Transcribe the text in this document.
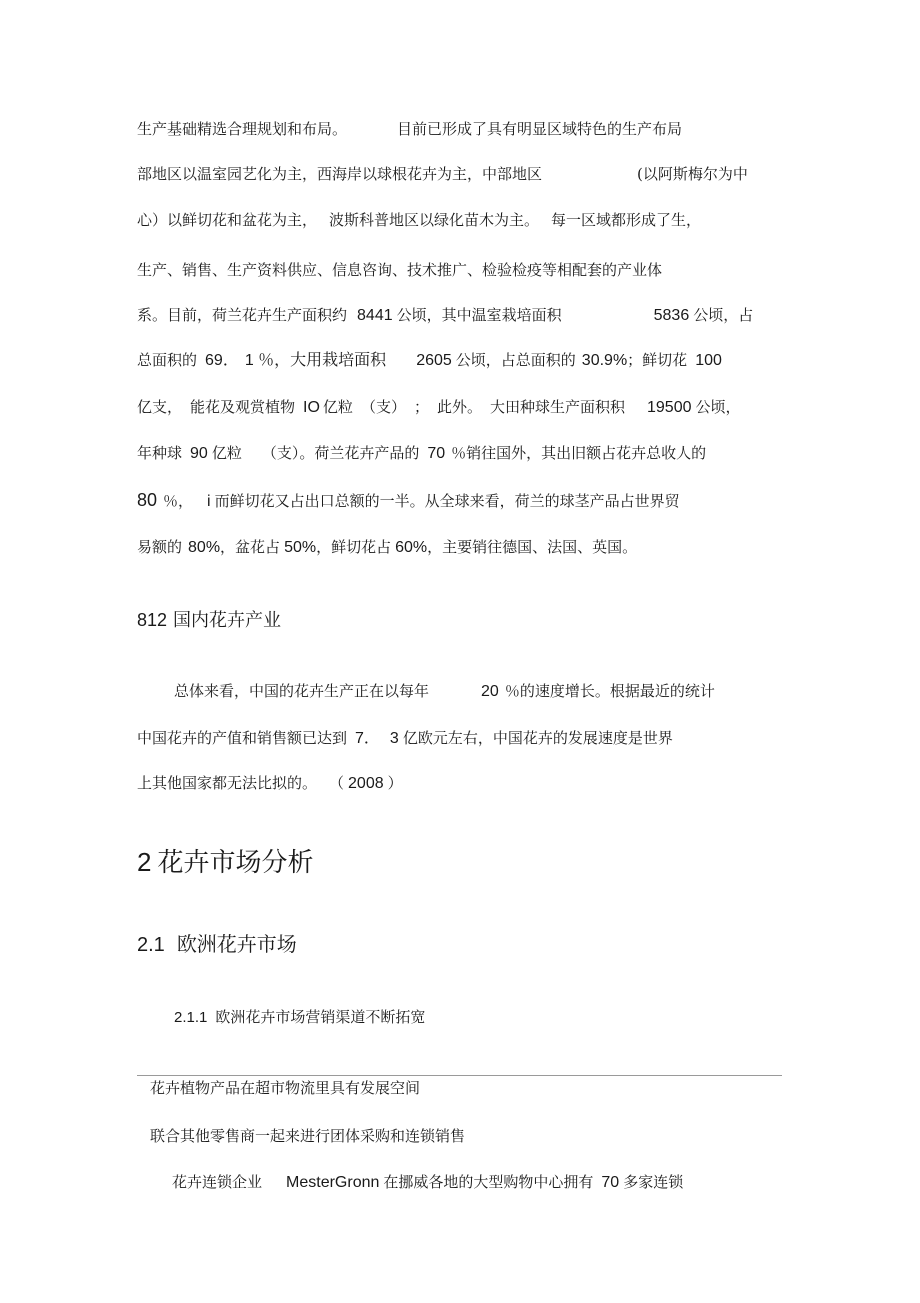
生产基础精选合理规划和布局。	目前已形成了具有明显区域特色的生产布局
部地区以温室园艺化为主，西海岸以球根花卉为主，中部地区	(以阿斯梅尔为中
心）以鲜切花和盆花为主， 波斯科普地区以绿化苗木为主。 每一区域都形成了生，
生产、销售、生产资料供应、信息咨询、技术推广、检验检疫等相配套的产业体
系。目前，荷兰花卉生产面积约 8441 公顷，其中温室栽培面积	5836 公顷，占
总面积的 69． 1 ％，大用栽培面积 2605 公顷，占总面积的 30.9%；鲜切花 100
亿支， 能花及观赏植物 IO 亿粒 （支） ； 此外。 大田种球生产面积积 19500 公顷，
年种球 90 亿粒 （支）。荷兰花卉产品的 70 ％销往国外，其出旧额占花卉总收人的
80 ％， i 而鲜切花又占出口总额的一半。从全球来看，荷兰的球茎产品占世界贸
易额的 80%，盆花占 50%，鲜切花占 60%，主要销往德国、法国、英国。
812 国内花卉产业
总体来看，中国的花卉生产正在以每年	20 ％的速度增长。根据最近的统计
中国花卉的产值和销售额已达到 7． 3 亿欧元左右，中国花卉的发展速度是世界
上其他国家都无法比拟的。 （ 2008 ）
2 花卉市场分析
2.1 欧洲花卉市场
2.1.1 欧洲花卉市场营销渠道不断拓宽
花卉植物产品在超市物流里具有发展空间
联合其他零售商一起来进行团体采购和连锁销售
花卉连锁企业 MesterGronn 在挪威各地的大型购物中心拥有 70 多家连锁
